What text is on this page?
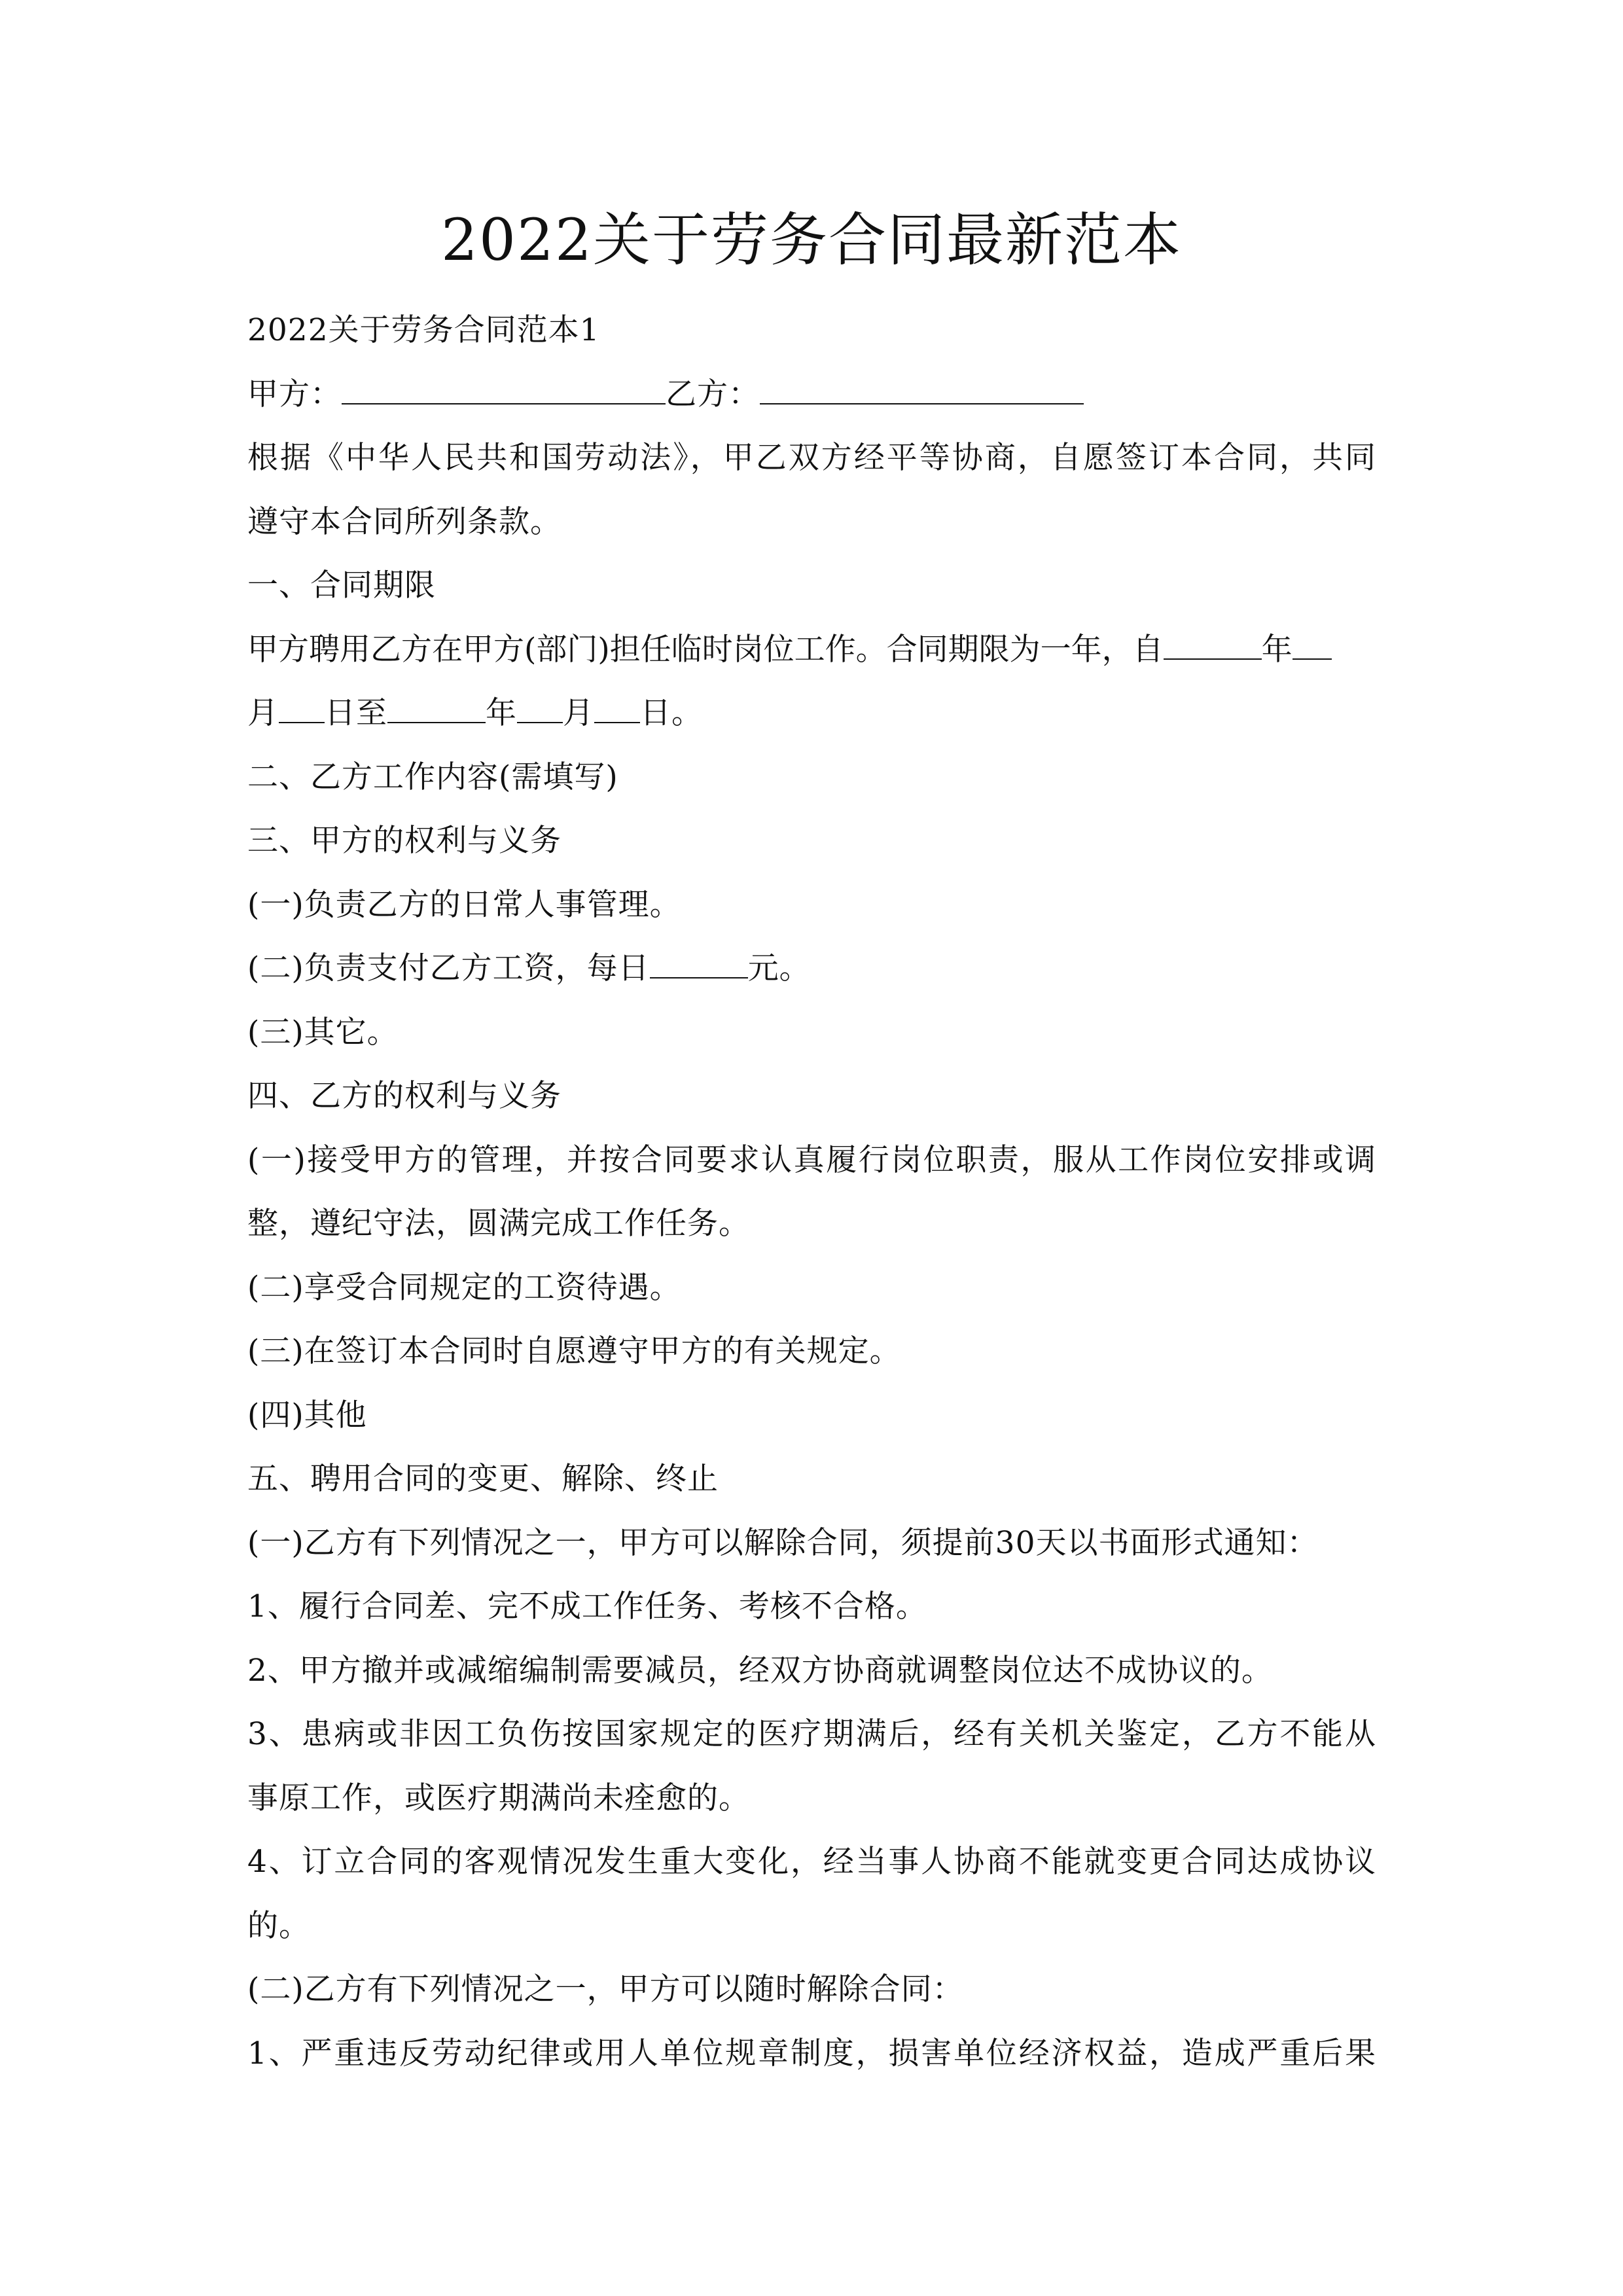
2022关于劳务合同最新范本
2022关于劳务合同范本1
甲方：	乙方：
根据《中华人民共和国劳动法》，甲乙双方经平等协商，自愿签订本合同，共同
遵守本合同所列条款。
一、合同期限
甲方聘用乙方在甲方(部门)担任临时岗位工作。合同期限为一年，自	年
月 日至	年 月 日。
二、乙方工作内容(需填写)
三、甲方的权利与义务
(一)负责乙方的日常人事管理。
(二)负责支付乙方工资，每日	元。
(三)其它。
四、乙方的权利与义务
(一)接受甲方的管理，并按合同要求认真履行岗位职责，服从工作岗位安排或调
整，遵纪守法，圆满完成工作任务。
(二)享受合同规定的工资待遇。
(三)在签订本合同时自愿遵守甲方的有关规定。
(四)其他
五、聘用合同的变更、解除、终止
(一)乙方有下列情况之一，甲方可以解除合同，须提前30天以书面形式通知：
1、履行合同差、完不成工作任务、考核不合格。
2、甲方撤并或减缩编制需要减员，经双方协商就调整岗位达不成协议的。
3、患病或非因工负伤按国家规定的医疗期满后，经有关机关鉴定，乙方不能从
事原工作，或医疗期满尚未痊愈的。
4、订立合同的客观情况发生重大变化，经当事人协商不能就变更合同达成协议
的。
(二)乙方有下列情况之一，甲方可以随时解除合同：
1、严重违反劳动纪律或用人单位规章制度，损害单位经济权益，造成严重后果
